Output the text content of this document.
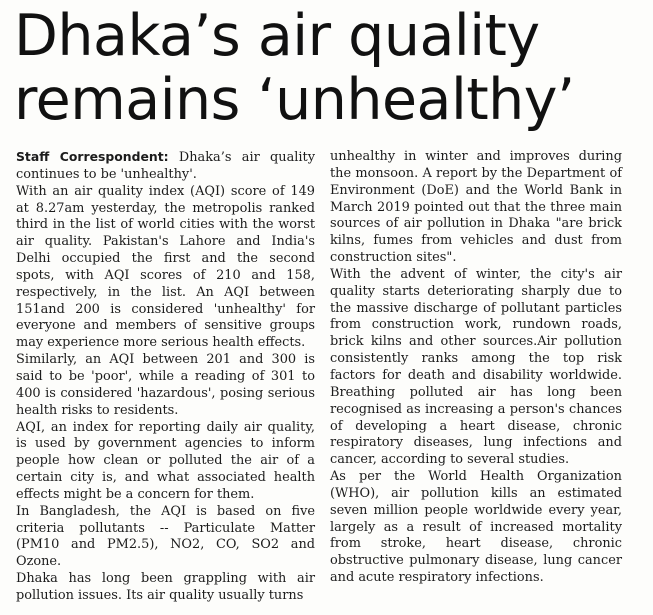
Dhaka’s air quality
remains ‘unhealthy’

Staff Correspondent: Dhaka’s air quality continues to be 'unhealthy'.

With an air quality index (AQI) score of 149 at 8.27am yesterday, the metropolis ranked third in the list of world cities with the worst air quality. Pakistan's Lahore and India's Delhi occupied the first and the second spots, with AQI scores of 210 and 158, respectively, in the list. An AQI between 151and 200 is considered 'unhealthy' for everyone and members of sensitive groups may experience more serious health effects.

Similarly, an AQI between 201 and 300 is said to be 'poor', while a reading of 301 to 400 is considered 'hazardous', posing serious health risks to residents.

AQI, an index for reporting daily air quality, is used by government agencies to inform people how clean or polluted the air of a certain city is, and what associated health effects might be a concern for them.

In Bangladesh, the AQI is based on five criteria pollutants -- Particulate Matter (PM10 and PM2.5), NO2, CO, SO2 and Ozone.

Dhaka has long been grappling with air pollution issues. Its air quality usually turns

unhealthy in winter and improves during the monsoon. A report by the Department of Environment (DoE) and the World Bank in March 2019 pointed out that the three main sources of air pollution in Dhaka "are brick kilns, fumes from vehicles and dust from construction sites".

With the advent of winter, the city's air quality starts deteriorating sharply due to the massive discharge of pollutant particles from construction work, rundown roads, brick kilns and other sources.Air pollution consistently ranks among the top risk factors for death and disability worldwide. Breathing polluted air has long been recognised as increasing a person's chances of developing a heart disease, chronic respiratory diseases, lung infections and cancer, according to several studies.

As per the World Health Organization (WHO), air pollution kills an estimated seven million people worldwide every year, largely as a result of increased mortality from stroke, heart disease, chronic obstructive pulmonary disease, lung cancer and acute respiratory infections.
